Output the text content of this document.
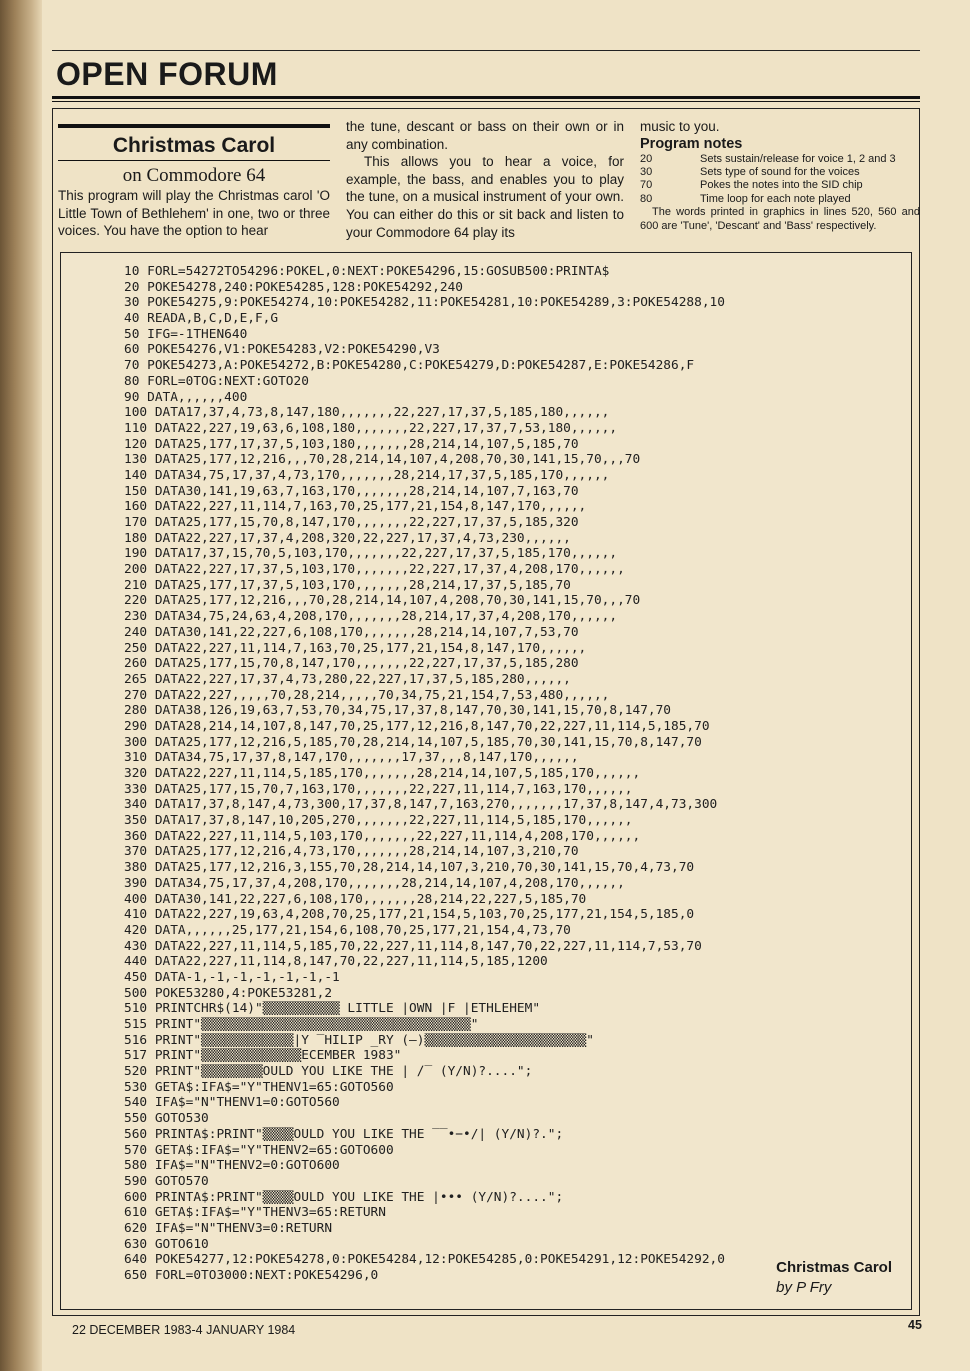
OPEN FORUM

Christmas Carol

on Commodore 64

This program will play the Christmas carol 'O Little Town of Bethlehem' in one, two or three voices. You have the option to hear

the tune, descant or bass on their own or in any combination.

This allows you to hear a voice, for example, the bass, and enables you to play the tune, on a musical instrument of your own. You can either do this or sit back and listen to your Commodore 64 play its

music to you.

Program notes

20	Sets sustain/release for voice 1, 2 and 3
30	Sets type of sound for the voices
70	Pokes the notes into the SID chip
80	Time loop for each note played

The words printed in graphics in lines 520, 560 and 600 are 'Tune', 'Descant' and 'Bass' respectively.

10 FORL=54272TO54296:POKEL,0:NEXT:POKE54296,15:GOSUB500:PRINTA$
20 POKE54278,240:POKE54285,128:POKE54292,240
30 POKE54275,9:POKE54274,10:POKE54282,11:POKE54281,10:POKE54289,3:POKE54288,10
40 READA,B,C,D,E,F,G
50 IFG=-1THEN640
60 POKE54276,V1:POKE54283,V2:POKE54290,V3
70 POKE54273,A:POKE54272,B:POKE54280,C:POKE54279,D:POKE54287,E:POKE54286,F
80 FORL=0TOG:NEXT:GOTO20
90 DATA,,,,,,400
100 DATA17,37,4,73,8,147,180,,,,,,,22,227,17,37,5,185,180,,,,,,
110 DATA22,227,19,63,6,108,180,,,,,,,22,227,17,37,7,53,180,,,,,,
120 DATA25,177,17,37,5,103,180,,,,,,,28,214,14,107,5,185,70
130 DATA25,177,12,216,,,70,28,214,14,107,4,208,70,30,141,15,70,,,70
140 DATA34,75,17,37,4,73,170,,,,,,,28,214,17,37,5,185,170,,,,,,
150 DATA30,141,19,63,7,163,170,,,,,,,28,214,14,107,7,163,70
160 DATA22,227,11,114,7,163,70,25,177,21,154,8,147,170,,,,,,
170 DATA25,177,15,70,8,147,170,,,,,,,22,227,17,37,5,185,320
180 DATA22,227,17,37,4,208,320,22,227,17,37,4,73,230,,,,,,
190 DATA17,37,15,70,5,103,170,,,,,,,22,227,17,37,5,185,170,,,,,,
200 DATA22,227,17,37,5,103,170,,,,,,,22,227,17,37,4,208,170,,,,,,
210 DATA25,177,17,37,5,103,170,,,,,,,28,214,17,37,5,185,70
220 DATA25,177,12,216,,,70,28,214,14,107,4,208,70,30,141,15,70,,,70
230 DATA34,75,24,63,4,208,170,,,,,,,28,214,17,37,4,208,170,,,,,,
240 DATA30,141,22,227,6,108,170,,,,,,,28,214,14,107,7,53,70
250 DATA22,227,11,114,7,163,70,25,177,21,154,8,147,170,,,,,,
260 DATA25,177,15,70,8,147,170,,,,,,,22,227,17,37,5,185,280
265 DATA22,227,17,37,4,73,280,22,227,17,37,5,185,280,,,,,,
270 DATA22,227,,,,,70,28,214,,,,,70,34,75,21,154,7,53,480,,,,,,
280 DATA38,126,19,63,7,53,70,34,75,17,37,8,147,70,30,141,15,70,8,147,70
290 DATA28,214,14,107,8,147,70,25,177,12,216,8,147,70,22,227,11,114,5,185,70
300 DATA25,177,12,216,5,185,70,28,214,14,107,5,185,70,30,141,15,70,8,147,70
310 DATA34,75,17,37,8,147,170,,,,,,,17,37,,,8,147,170,,,,,,
320 DATA22,227,11,114,5,185,170,,,,,,,28,214,14,107,5,185,170,,,,,,
330 DATA25,177,15,70,7,163,170,,,,,,,22,227,11,114,7,163,170,,,,,,
340 DATA17,37,8,147,4,73,300,17,37,8,147,7,163,270,,,,,,,17,37,8,147,4,73,300
350 DATA17,37,8,147,10,205,270,,,,,,,22,227,11,114,5,185,170,,,,,,
360 DATA22,227,11,114,5,103,170,,,,,,,22,227,11,114,4,208,170,,,,,,
370 DATA25,177,12,216,4,73,170,,,,,,,28,214,14,107,3,210,70
380 DATA25,177,12,216,3,155,70,28,214,14,107,3,210,70,30,141,15,70,4,73,70
390 DATA34,75,17,37,4,208,170,,,,,,,28,214,14,107,4,208,170,,,,,,
400 DATA30,141,22,227,6,108,170,,,,,,,28,214,22,227,5,185,70
410 DATA22,227,19,63,4,208,70,25,177,21,154,5,103,70,25,177,21,154,5,185,0
420 DATA,,,,,,25,177,21,154,6,108,70,25,177,21,154,4,73,70
430 DATA22,227,11,114,5,185,70,22,227,11,114,8,147,70,22,227,11,114,7,53,70
440 DATA22,227,11,114,8,147,70,22,227,11,114,5,185,1200
450 DATA-1,-1,-1,-1,-1,-1,-1
500 POKE53280,4:POKE53281,2
510 PRINTCHR$(14)"▒▒▒▒▒▒▒▒▒▒ LITTLE |OWN |F |ETHLEHEM"
515 PRINT"▒▒▒▒▒▒▒▒▒▒▒▒▒▒▒▒▒▒▒▒▒▒▒▒▒▒▒▒▒▒▒▒▒▒▒"
516 PRINT"▒▒▒▒▒▒▒▒▒▒▒▒|Y ‾HILIP _RY (–)▒▒▒▒▒▒▒▒▒▒▒▒▒▒▒▒▒▒▒▒▒"
517 PRINT"▒▒▒▒▒▒▒▒▒▒▒▒▒ECEMBER 1983"
520 PRINT"▒▒▒▒▒▒▒▒OULD YOU LIKE THE | ∕‾ (Y/N)?....";
530 GETA$:IFA$="Y"THENV1=65:GOTO560
540 IFA$="N"THENV1=0:GOTO560
550 GOTO530
560 PRINTA$:PRINT"▒▒▒▒OULD YOU LIKE THE ‾‾•−•/| (Y/N)?.";
570 GETA$:IFA$="Y"THENV2=65:GOTO600
580 IFA$="N"THENV2=0:GOTO600
590 GOTO570
600 PRINTA$:PRINT"▒▒▒▒OULD YOU LIKE THE |••• (Y/N)?....";
610 GETA$:IFA$="Y"THENV3=65:RETURN
620 IFA$="N"THENV3=0:RETURN
630 GOTO610
640 POKE54277,12:POKE54278,0:POKE54284,12:POKE54285,0:POKE54291,12:POKE54292,0
650 FORL=0TO3000:NEXT:POKE54296,0	Christmas Carol
by P Fry
22 DECEMBER 1983-4 JANUARY 1984	45
